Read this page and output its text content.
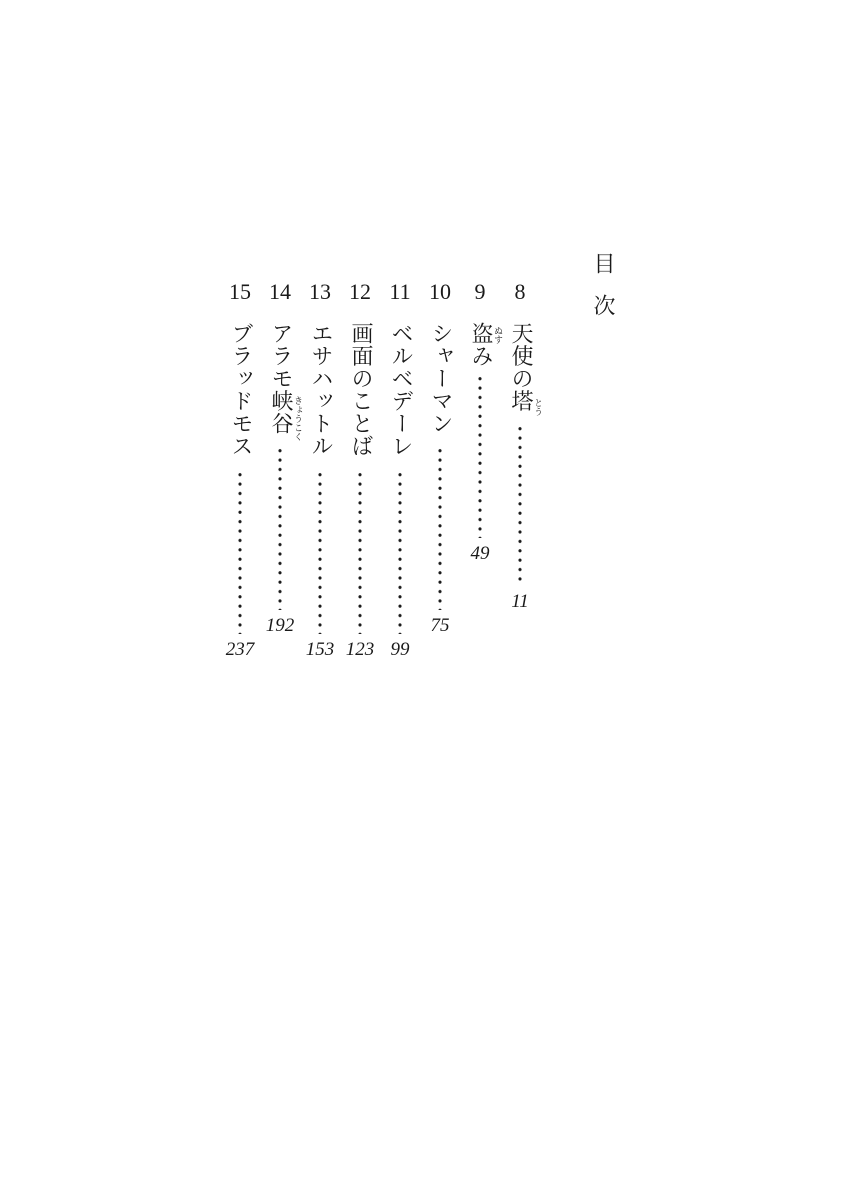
目次
8
天使の塔 とう
11
9
盗み ぬす
49
10
シャーマン
75
11
ベルベデーレ
99
12
画面のことば
123
13
エサハットル
153
14
アラモ峡谷 きょうこく
192
15
ブラッドモス
237
